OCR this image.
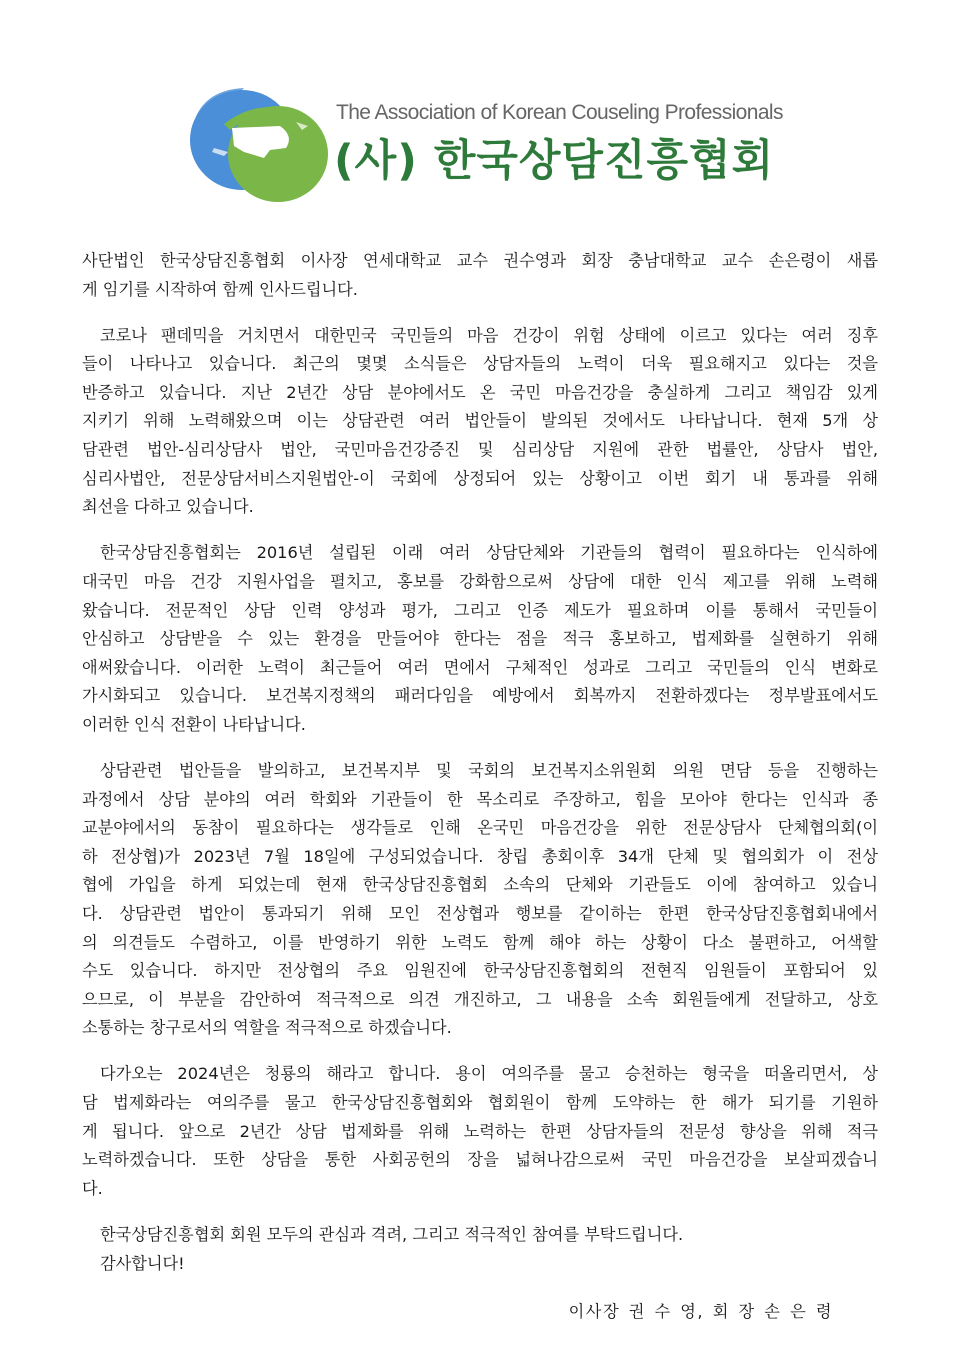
The Association of Korean Couseling Professionals
(사) 한국상담진흥협회

사단법인 한국상담진흥협회 이사장 연세대학교 교수 권수영과 회장 충남대학교 교수 손은령이 새롭
게 임기를 시작하여 함께 인사드립니다.

코로나 팬데믹을 거치면서 대한민국 국민들의 마음 건강이 위험 상태에 이르고 있다는 여러 징후
들이 나타나고 있습니다. 최근의 몇몇 소식들은 상담자들의 노력이 더욱 필요해지고 있다는 것을
반증하고 있습니다. 지난 2년간 상담 분야에서도 온 국민 마음건강을 충실하게 그리고 책임감 있게
지키기 위해 노력해왔으며 이는 상담관련 여러 법안들이 발의된 것에서도 나타납니다. 현재 5개 상
담관련 법안-심리상담사 법안, 국민마음건강증진 및 심리상담 지원에 관한 법률안, 상담사 법안,
심리사법안, 전문상담서비스지원법안-이 국회에 상정되어 있는 상황이고 이번 회기 내 통과를 위해
최선을 다하고 있습니다.

한국상담진흥협회는 2016년 설립된 이래 여러 상담단체와 기관들의 협력이 필요하다는 인식하에
대국민 마음 건강 지원사업을 펼치고, 홍보를 강화함으로써 상담에 대한 인식 제고를 위해 노력해
왔습니다. 전문적인 상담 인력 양성과 평가, 그리고 인증 제도가 필요하며 이를 통해서 국민들이
안심하고 상담받을 수 있는 환경을 만들어야 한다는 점을 적극 홍보하고, 법제화를 실현하기 위해
애써왔습니다. 이러한 노력이 최근들어 여러 면에서 구체적인 성과로 그리고 국민들의 인식 변화로
가시화되고 있습니다. 보건복지정책의 패러다임을 예방에서 회복까지 전환하겠다는 정부발표에서도
이러한 인식 전환이 나타납니다.

상담관련 법안들을 발의하고, 보건복지부 및 국회의 보건복지소위원회 의원 면담 등을 진행하는
과정에서 상담 분야의 여러 학회와 기관들이 한 목소리로 주장하고, 힘을 모아야 한다는 인식과 종
교분야에서의 동참이 필요하다는 생각들로 인해 온국민 마음건강을 위한 전문상담사 단체협의회(이
하 전상협)가 2023년 7월 18일에 구성되었습니다. 창립 총회이후 34개 단체 및 협의회가 이 전상
협에 가입을 하게 되었는데 현재 한국상담진흥협회 소속의 단체와 기관들도 이에 참여하고 있습니
다. 상담관련 법안이 통과되기 위해 모인 전상협과 행보를 같이하는 한편 한국상담진흥협회내에서
의 의견들도 수렴하고, 이를 반영하기 위한 노력도 함께 해야 하는 상황이 다소 불편하고, 어색할
수도 있습니다. 하지만 전상협의 주요 임원진에 한국상담진흥협회의 전현직 임원들이 포함되어 있
으므로, 이 부분을 감안하여 적극적으로 의견 개진하고, 그 내용을 소속 회원들에게 전달하고, 상호
소통하는 창구로서의 역할을 적극적으로 하겠습니다.

다가오는 2024년은 청룡의 해라고 합니다. 용이 여의주를 물고 승천하는 형국을 떠올리면서, 상
담 법제화라는 여의주를 물고 한국상담진흥협회와 협회원이 함께 도약하는 한 해가 되기를 기원하
게 됩니다. 앞으로 2년간 상담 법제화를 위해 노력하는 한편 상담자들의 전문성 향상을 위해 적극
노력하겠습니다. 또한 상담을 통한 사회공헌의 장을 넓혀나감으로써 국민 마음건강을 보살피겠습니
다.

한국상담진흥협회 회원 모두의 관심과 격려, 그리고 적극적인 참여를 부탁드립니다.
감사합니다!

이사장 권 수 영, 회 장 손 은 령
